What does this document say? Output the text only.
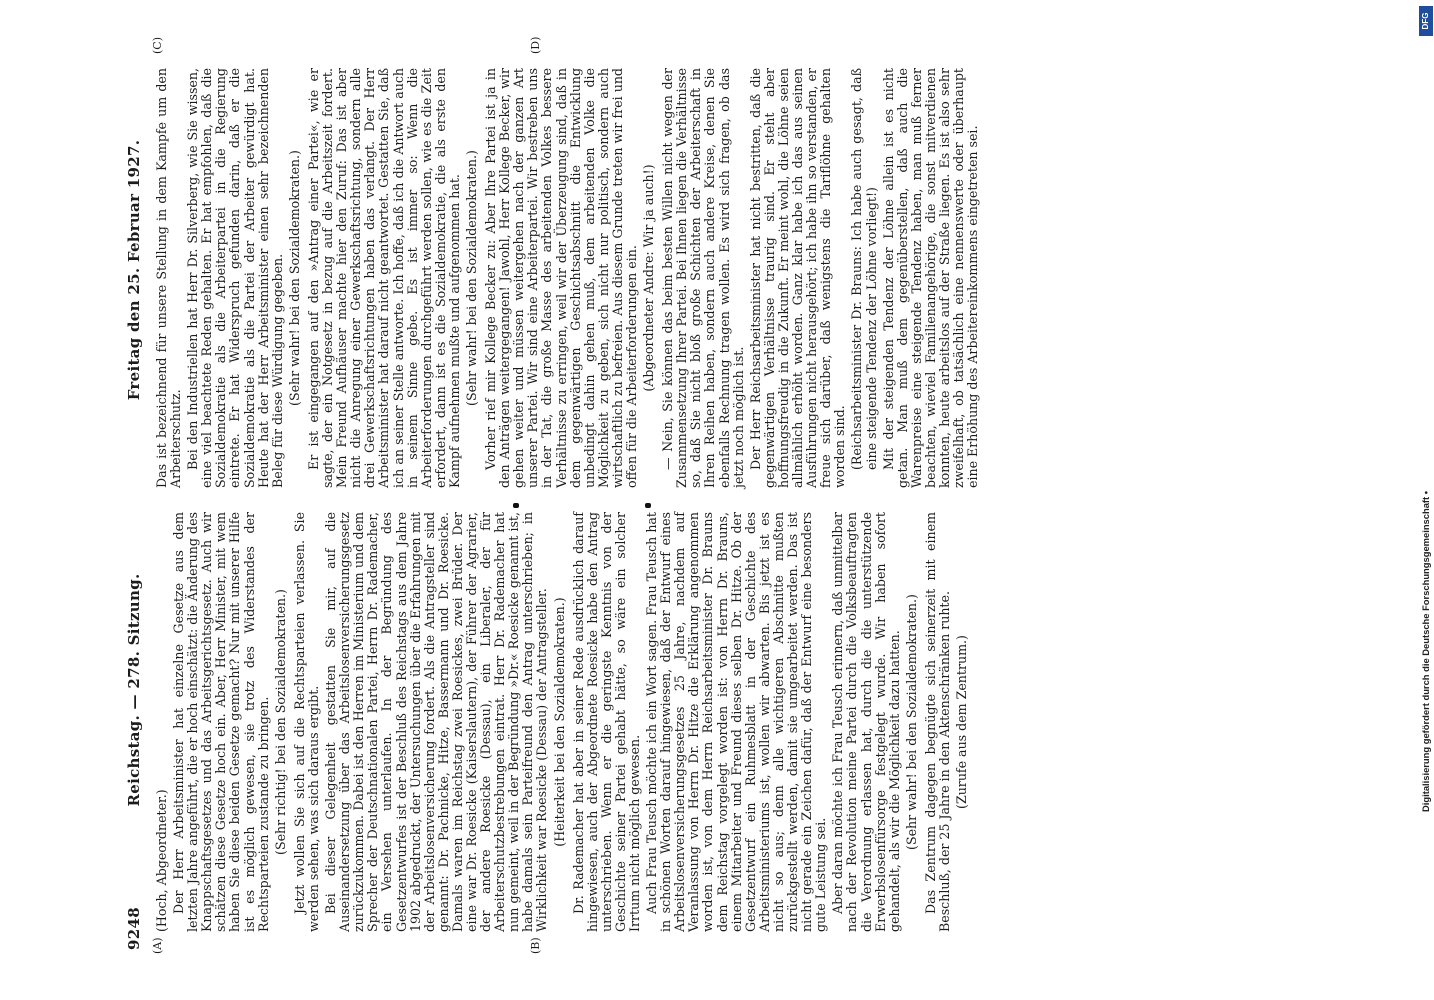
9248
Reichstag. — 278. Sitzung.
Freitag den 25. Februar 1927.
(A)	(B)
(C)	(D)

(Hoch, Abgeordneter.) Der Herr Arbeitsminister hat einzelne Gesetze aus dem letzten Jahre angeführt, die er hoch einschätzt: die Änderung des Knappschaftsgesetzes und das Arbeitsgerichtsgesetz. Auch wir schätzen diese Gesetze hoch ein. Aber, Herr Minister, mit wem haben Sie diese beiden Gesetze gemacht? Nur mit unserer Hilfe ist es möglich gewesen, sie trotz des Widerstandes der Rechtsparteien zustande zu bringen. (Sehr richtig! bei den Sozialdemokraten.) Jetzt wollen Sie sich auf die Rechtsparteien verlassen. Sie werden sehen, was sich daraus ergibt. Bei dieser Gelegenheit gestatten Sie mir, auf die Auseinandersetzung über das Arbeitslosenversicherungsgesetz zurückzukommen. Dabei ist den Herren im Ministerium und dem Sprecher der Deutschnationalen Partei, Herrn Dr. Rademacher, ein Versehen unterlaufen. In der Begründung des Gesetzentwurfes ist der Beschluß des Reichstags aus dem Jahre 1902 abgedruckt, der Untersuchungen über die Erfahrungen mit der Arbeitslosenversicherung fordert. Als die Antragsteller sind genannt: Dr. Pachnicke, Hitze, Bassermann und Dr. Roesicke. Damals waren im Reichstag zwei Roesickes, zwei Brüder. Der eine war Dr. Roesicke (Kaiserslautern), der Führer der Agrarier, der andere Roesicke (Dessau), ein Liberaler, der für Arbeiterschutzbestrebungen eintrat. Herr Dr. Rademacher hat nun gemeint, weil in der Begründung »Dr.« Roesicke genannt ist, habe damals sein Parteifreund den Antrag unterschrieben; in Wirklichkeit war Roesicke (Dessau) der Antragsteller. (Heiterkeit bei den Sozialdemokraten.) Dr. Rademacher hat aber in seiner Rede ausdrücklich darauf hingewiesen, auch der Abgeordnete Roesicke habe den Antrag unterschrieben. Wenn er die geringste Kenntnis von der Geschichte seiner Partei gehabt hätte, so wäre ein solcher Irrtum nicht möglich gewesen. Auch Frau Teusch möchte ich ein Wort sagen. Frau Teusch hat in schönen Worten darauf hingewiesen, daß der Entwurf eines Arbeitslosenversicherungsgesetzes 25 Jahre, nachdem auf Veranlassung von Herrn Dr. Hitze die Erklärung angenommen worden ist, von dem Herrn Reichsarbeitsminister Dr. Brauns dem Reichstag vorgelegt worden ist: von Herrn Dr. Brauns, einem Mitarbeiter und Freund dieses selben Dr. Hitze. Ob der Gesetzentwurf ein Ruhmesblatt in der Geschichte des Arbeitsministeriums ist, wollen wir abwarten. Bis jetzt ist es nicht so aus; denn alle wichtigeren Abschnitte mußten zurückgestellt werden, damit sie umgearbeitet werden. Das ist nicht gerade ein Zeichen dafür, daß der Entwurf eine besonders gute Leistung sei. Aber daran möchte ich Frau Teusch erinnern, daß unmittelbar nach der Revolution meine Partei durch die Volksbeauftragten die Verordnung erlassen hat, durch die die unterstützende Erwerbslosenfürsorge festgelegt wurde. Wir haben sofort gehandelt, als wir die Möglichkeit dazu hatten. (Sehr wahr! bei den Sozialdemokraten.) Das Zentrum dagegen begnügte sich seinerzeit mit einem Beschluß, der 25 Jahre in den Aktenschränken ruhte. (Zurufe aus dem Zentrum.)

Das ist bezeichnend für unsere Stellung in dem Kampfe um den Arbeiterschutz. Bei den Industriellen hat Herr Dr. Silverberg, wie Sie wissen, eine viel beachtete Reden gehalten. Er hat empfohlen, daß die Sozialdemokratie als die Arbeiterpartei in die Regierung eintrete. Er hat Widerspruch gefunden darin, daß er die Sozialdemokratie als die Partei der Arbeiter gewürdigt hat. Heute hat der Herr Arbeitsminister einen sehr bezeichnenden Beleg für diese Würdigung gegeben. (Sehr wahr! bei den Sozialdemokraten.) Er ist eingegangen auf den »Antrag einer Partei«, wie er sagte, der ein Notgesetz in bezug auf die Arbeitszeit fordert. Mein Freund Aufhäuser machte hier den Zuruf: Das ist aber nicht die Anregung einer Gewerkschaftsrichtung, sondern alle drei Gewerkschaftsrichtungen haben das verlangt. Der Herr Arbeitsminister hat darauf nicht geantwortet. Gestatten Sie, daß ich an seiner Stelle antworte. Ich hoffe, daß ich die Antwort auch in seinem Sinne gebe. Es ist immer so: Wenn die Arbeiterforderungen durchgeführt werden sollen, wie es die Zeit erfordert, dann ist es die Sozialdemokratie, die als erste den Kampf aufnehmen mußte und aufgenommen hat. (Sehr wahr! bei den Sozialdemokraten.) Vorher rief mir Kollege Becker zu: Aber Ihre Partei ist ja in den Anträgen weitergegangen! Jawohl, Herr Kollege Becker, wir gehen weiter und müssen weitergehen nach der ganzen Art unserer Partei. Wir sind eine Arbeiterpartei. Wir bestreben uns in der Tat, die große Masse des arbeitenden Volkes bessere Verhältnisse zu erringen, weil wir der Überzeugung sind, daß in dem gegenwärtigen Geschichtsabschnitt die Entwicklung unbedingt dahin gehen muß, dem arbeitenden Volke die Möglichkeit zu geben, sich nicht nur politisch, sondern auch wirtschaftlich zu befreien. Aus diesem Grunde treten wir frei und offen für die Arbeiterforderungen ein. (Abgeordneter Andre: Wir ja auch!) — Nein, Sie können das beim besten Willen nicht wegen der Zusammensetzung Ihrer Partei. Bei Ihnen liegen die Verhältnisse so, daß Sie nicht bloß große Schichten der Arbeiterschaft in Ihren Reihen haben, sondern auch andere Kreise, denen Sie ebenfalls Rechnung tragen wollen. Es wird sich fragen, ob das jetzt noch möglich ist. Der Herr Reichsarbeitsminister hat nicht bestritten, daß die gegenwärtigen Verhältnisse traurig sind. Er steht aber hoffnungsfreudig in die Zukunft. Er meint wohl, die Löhne seien allmählich erhöht worden. Ganz klar habe ich das aus seinen Ausführungen nicht herausgehört; ich habe ihn so verstanden, er freue sich darüber, daß wenigstens die Tariflöhne gehalten worden sind. (Reichsarbeitsminister Dr. Brauns: Ich habe auch gesagt, daß eine steigende Tendenz der Löhne vorliegt!) Mit der steigenden Tendenz der Löhne allein ist es nicht getan. Man muß dem gegenüberstellen, daß auch die Warenpreise eine steigende Tendenz haben, man muß ferner beachten, wieviel Familienangehörige, die sonst mitverdienen konnten, heute arbeitslos auf der Straße liegen. Es ist also sehr zweifelhaft, ob tatsächlich eine nennenswerte oder überhaupt eine Erhöhung des Arbeitereinkommens eingetreten sei.

DFG
Digitalisierung gefördert durch die Deutsche Forschungsgemeinschaft •
